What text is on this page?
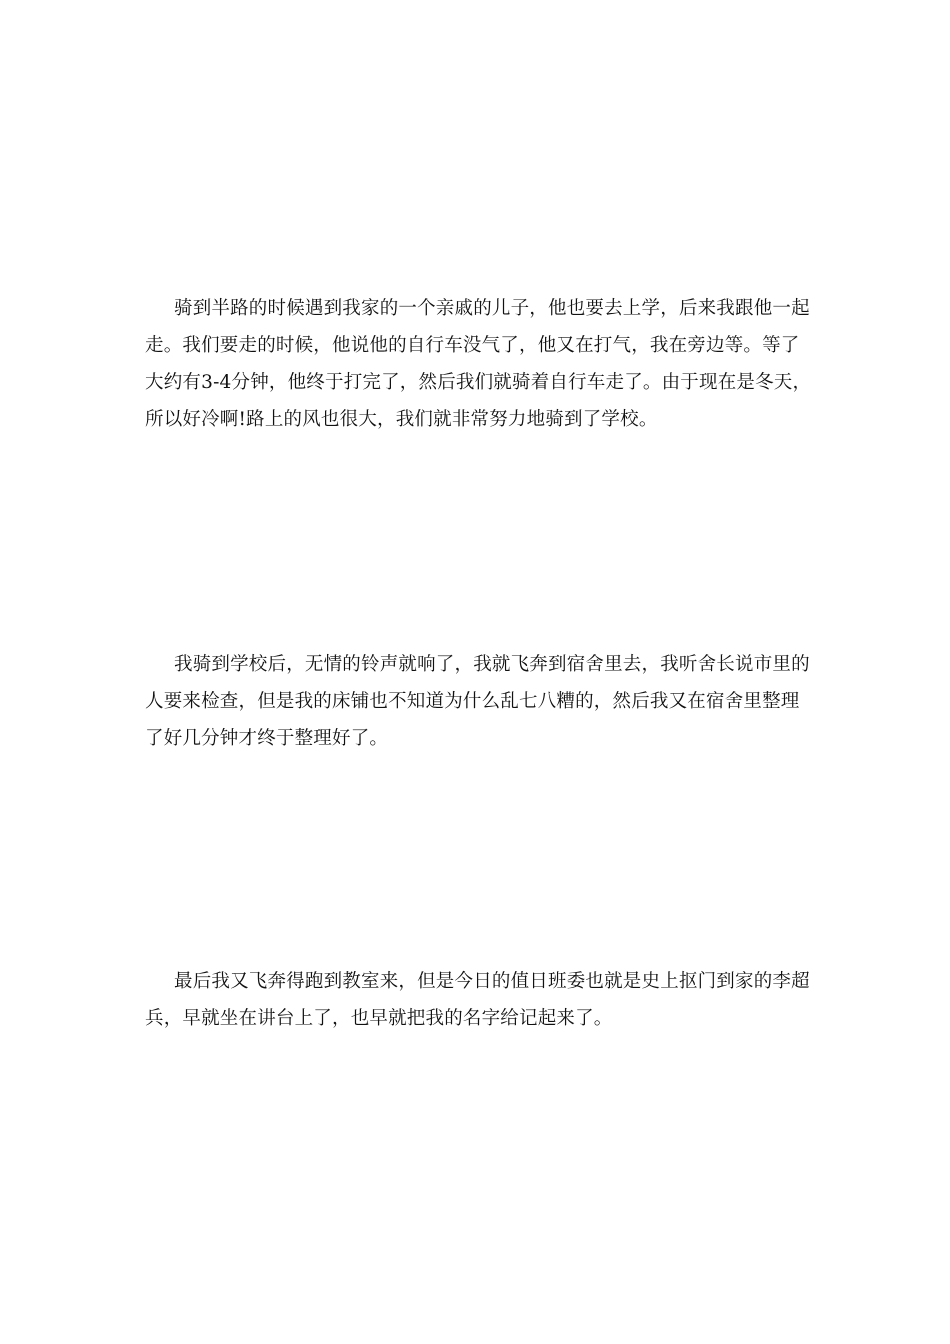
骑到半路的时候遇到我家的一个亲戚的儿子，他也要去上学，后来我跟他一起走。我们要走的时候，他说他的自行车没气了，他又在打气，我在旁边等。等了大约有3-4分钟，他终于打完了，然后我们就骑着自行车走了。由于现在是冬天，所以好冷啊!路上的风也很大，我们就非常努力地骑到了学校。

我骑到学校后，无情的铃声就响了，我就飞奔到宿舍里去，我听舍长说市里的人要来检查，但是我的床铺也不知道为什么乱七八糟的，然后我又在宿舍里整理了好几分钟才终于整理好了。

最后我又飞奔得跑到教室来，但是今日的值日班委也就是史上抠门到家的李超兵，早就坐在讲台上了，也早就把我的名字给记起来了。
